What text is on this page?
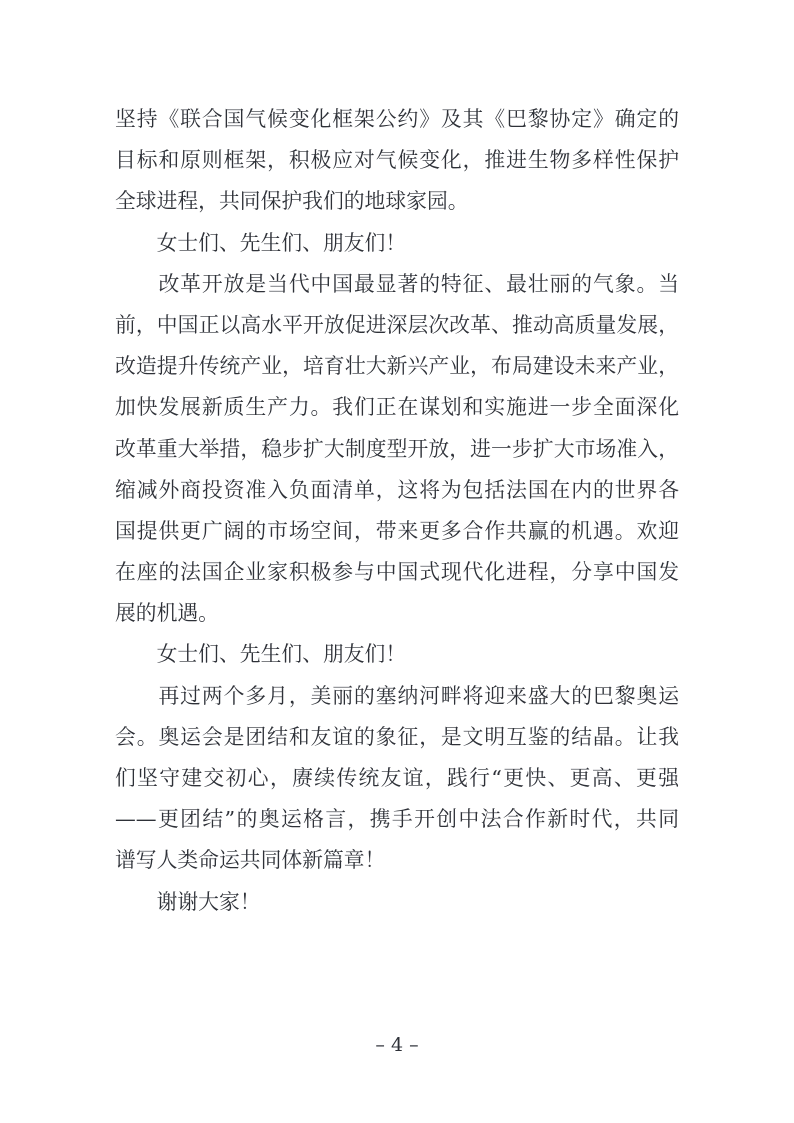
坚持《联合国气候变化框架公约》及其《巴黎协定》确定的
目标和原则框架，积极应对气候变化，推进生物多样性保护
全球进程，共同保护我们的地球家园。
　　女士们、先生们、朋友们！
　　改革开放是当代中国最显著的特征、最壮丽的气象。当
前，中国正以高水平开放促进深层次改革、推动高质量发展，
改造提升传统产业，培育壮大新兴产业，布局建设未来产业，
加快发展新质生产力。我们正在谋划和实施进一步全面深化
改革重大举措，稳步扩大制度型开放，进一步扩大市场准入，
缩减外商投资准入负面清单，这将为包括法国在内的世界各
国提供更广阔的市场空间，带来更多合作共赢的机遇。欢迎
在座的法国企业家积极参与中国式现代化进程，分享中国发
展的机遇。
　　女士们、先生们、朋友们！
　　再过两个多月，美丽的塞纳河畔将迎来盛大的巴黎奥运
会。奥运会是团结和友谊的象征，是文明互鉴的结晶。让我
们坚守建交初心，赓续传统友谊，践行“更快、更高、更强
——更团结”的奥运格言，携手开创中法合作新时代，共同
谱写人类命运共同体新篇章！
　　谢谢大家！
– 4 –
